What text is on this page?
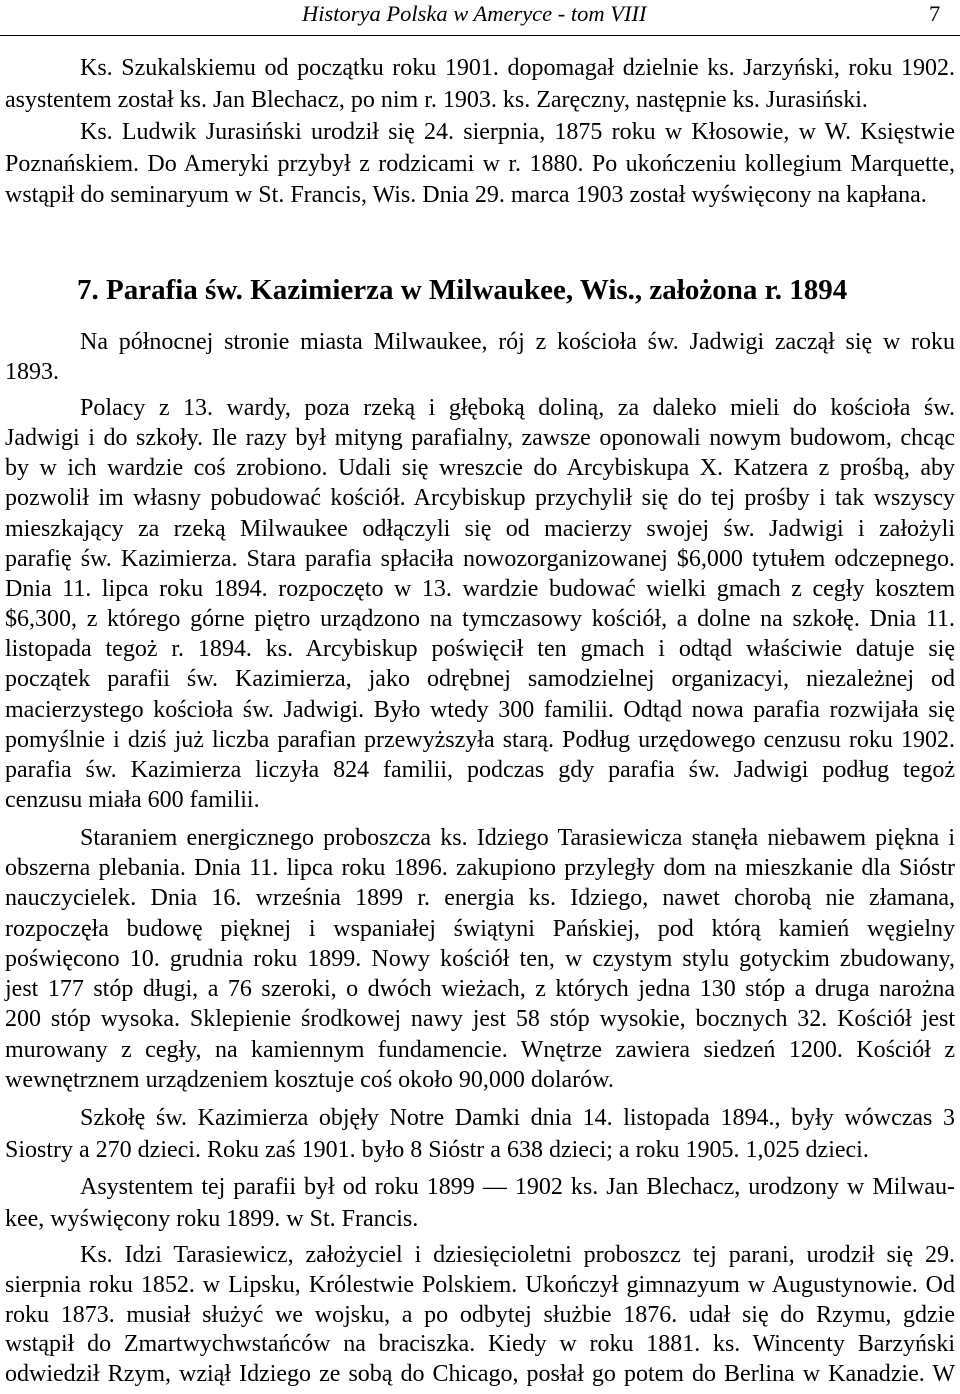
Historya Polska w Ameryce - tom VIII	7
Ks. Szukalskiemu od początku roku 1901. dopomagał dzielnie ks. Jarzyński, roku 1902.
asystentem został ks. Jan Blechacz, po nim r. 1903. ks. Zaręczny, następnie ks. Jurasiński.
Ks. Ludwik Jurasiński urodził się 24. sierpnia, 1875 roku w Kłosowie, w W. Księstwie
Poznańskiem. Do Ameryki przybył z rodzicami w r. 1880. Po ukończeniu kollegium Marquette,
wstąpił do seminaryum w St. Francis, Wis. Dnia 29. marca 1903 został wyświęcony na kapłana.
7. Parafia św. Kazimierza w Milwaukee, Wis., założona r. 1894
Na północnej stronie miasta Milwaukee, rój z kościoła św. Jadwigi zaczął się w roku
1893.
Polacy z 13. wardy, poza rzeką i głęboką doliną, za daleko mieli do kościoła św.
Jadwigi i do szkoły. Ile razy był mityng parafialny, zawsze oponowali nowym budowom, chcąc
by w ich wardzie coś zrobiono. Udali się wreszcie do Arcybiskupa X. Katzera z prośbą, aby
pozwolił im własny pobudować kościół. Arcybiskup przychylił się do tej prośby i tak wszyscy
mieszkający za rzeką Milwaukee odłączyli się od macierzy swojej św. Jadwigi i założyli
parafię św. Kazimierza. Stara parafia spłaciła nowozorganizowanej $6,000 tytułem odczepnego.
Dnia 11. lipca roku 1894. rozpoczęto w 13. wardzie budować wielki gmach z cegły kosztem
$6,300, z którego górne piętro urządzono na tymczasowy kościół, a dolne na szkołę. Dnia 11.
listopada tegoż r. 1894. ks. Arcybiskup poświęcił ten gmach i odtąd właściwie datuje się
początek parafii św. Kazimierza, jako odrębnej samodzielnej organizacyi, niezależnej od
macierzystego kościoła św. Jadwigi. Było wtedy 300 familii. Odtąd nowa parafia rozwijała się
pomyślnie i dziś już liczba parafian przewyższyła starą. Podług urzędowego cenzusu roku 1902.
parafia św. Kazimierza liczyła 824 familii, podczas gdy parafia św. Jadwigi podług tegoż
cenzusu miała 600 familii.
Staraniem energicznego proboszcza ks. Idziego Tarasiewicza stanęła niebawem piękna i
obszerna plebania. Dnia 11. lipca roku 1896. zakupiono przyległy dom na mieszkanie dla Sióstr
nauczycielek. Dnia 16. września 1899 r. energia ks. Idziego, nawet chorobą nie złamana,
rozpoczęła budowę pięknej i wspaniałej świątyni Pańskiej, pod którą kamień węgielny
poświęcono 10. grudnia roku 1899. Nowy kościół ten, w czystym stylu gotyckim zbudowany,
jest 177 stóp długi, a 76 szeroki, o dwóch wieżach, z których jedna 130 stóp a druga narożna
200 stóp wysoka. Sklepienie środkowej nawy jest 58 stóp wysokie, bocznych 32. Kościół jest
murowany z cegły, na kamiennym fundamencie. Wnętrze zawiera siedzeń 1200. Kościół z
wewnętrznem urządzeniem kosztuje coś około 90,000 dolarów.
Szkołę św. Kazimierza objęły Notre Damki dnia 14. listopada 1894., były wówczas 3
Siostry a 270 dzieci. Roku zaś 1901. było 8 Sióstr a 638 dzieci; a roku 1905. 1,025 dzieci.
Asystentem tej parafii był od roku 1899 — 1902 ks. Jan Blechacz, urodzony w Milwau-
kee, wyświęcony roku 1899. w St. Francis.
Ks. Idzi Tarasiewicz, założyciel i dziesięcioletni proboszcz tej parani, urodził się 29.
sierpnia roku 1852. w Lipsku, Królestwie Polskiem. Ukończył gimnazyum w Augustynowie. Od
roku 1873. musiał służyć we wojsku, a po odbytej służbie 1876. udał się do Rzymu, gdzie
wstąpił do Zmartwychwstańców na braciszka. Kiedy w roku 1881. ks. Wincenty Barzyński
odwiedził Rzym, wziął Idziego ze sobą do Chicago, posłał go potem do Berlina w Kanadzie. W
